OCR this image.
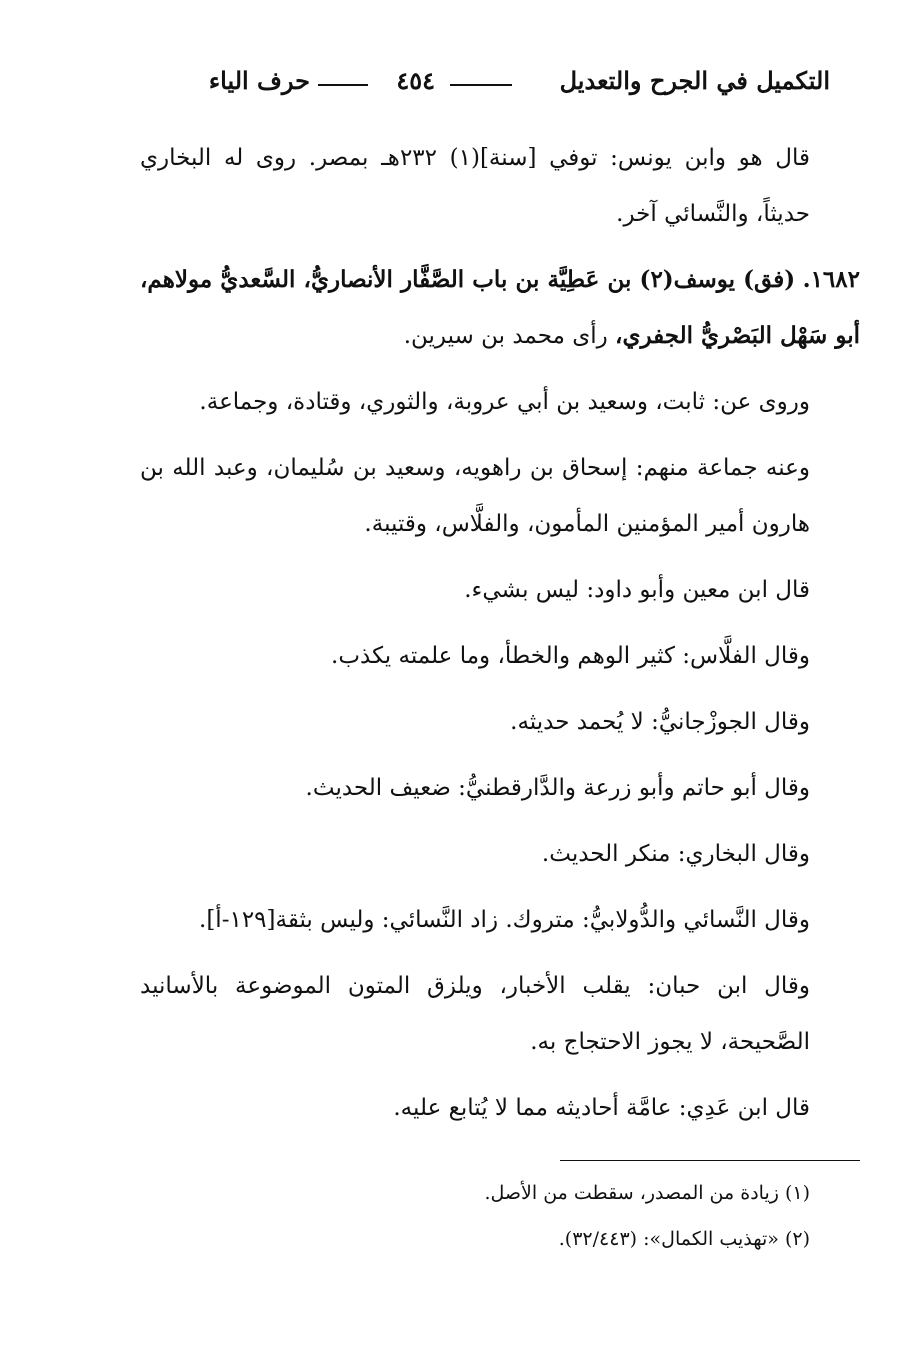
التكميل في الجرح والتعديل
٤٥٤
حرف الياء

قال هو وابن يونس: توفي [سنة](١) ٢٣٢هـ بمصر. روى له البخاري حديثاً، والنَّسائي آخر.

١٦٨٢. (فق) يوسف(٢) بن عَطِيَّة بن باب الصَّفَّار الأنصاريُّ، السَّعديُّ مولاهم، أبو سَهْل البَصْريُّ الجفري، رأى محمد بن سيرين.

وروى عن: ثابت، وسعيد بن أبي عروبة، والثوري، وقتادة، وجماعة.

وعنه جماعة منهم: إسحاق بن راهويه، وسعيد بن سُليمان، وعبد الله بن هارون أمير المؤمنين المأمون، والفلَّاس، وقتيبة.

قال ابن معين وأبو داود: ليس بشيء.

وقال الفلَّاس: كثير الوهم والخطأ، وما علمته يكذب.

وقال الجوزْجانيُّ: لا يُحمد حديثه.

وقال أبو حاتم وأبو زرعة والدَّارقطنيُّ: ضعيف الحديث.

وقال البخاري: منكر الحديث.

وقال النَّسائي والدُّولابيُّ: متروك. زاد النَّسائي: وليس بثقة[١٢٩-أ].

وقال ابن حبان: يقلب الأخبار، ويلزق المتون الموضوعة بالأسانيد الصَّحيحة، لا يجوز الاحتجاج به.

قال ابن عَدِي: عامَّة أحاديثه مما لا يُتابع عليه.

(١) زيادة من المصدر، سقطت من الأصل.

(٢) «تهذيب الكمال»: (٣٢/٤٤٣).
